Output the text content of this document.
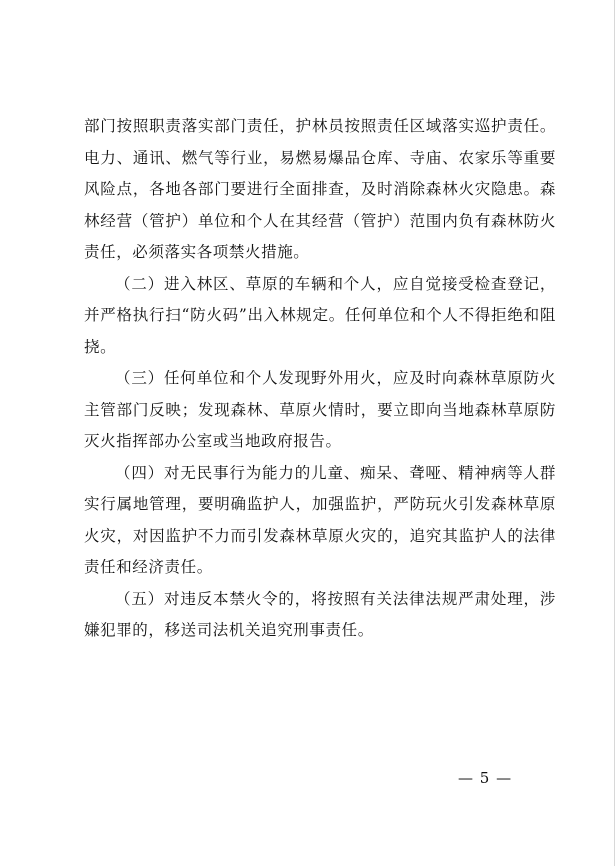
部门按照职责落实部门责任，护林员按照责任区域落实巡护责任。电力、通讯、燃气等行业，易燃易爆品仓库、寺庙、农家乐等重要风险点，各地各部门要进行全面排查，及时消除森林火灾隐患。森林经营（管护）单位和个人在其经营（管护）范围内负有森林防火责任，必须落实各项禁火措施。

（二）进入林区、草原的车辆和个人，应自觉接受检查登记，并严格执行扫“防火码”出入林规定。任何单位和个人不得拒绝和阻挠。

（三）任何单位和个人发现野外用火，应及时向森林草原防火主管部门反映；发现森林、草原火情时，要立即向当地森林草原防灭火指挥部办公室或当地政府报告。

（四）对无民事行为能力的儿童、痴呆、聋哑、精神病等人群实行属地管理，要明确监护人，加强监护，严防玩火引发森林草原火灾，对因监护不力而引发森林草原火灾的，追究其监护人的法律责任和经济责任。

（五）对违反本禁火令的，将按照有关法律法规严肃处理，涉嫌犯罪的，移送司法机关追究刑事责任。

— 5 —
